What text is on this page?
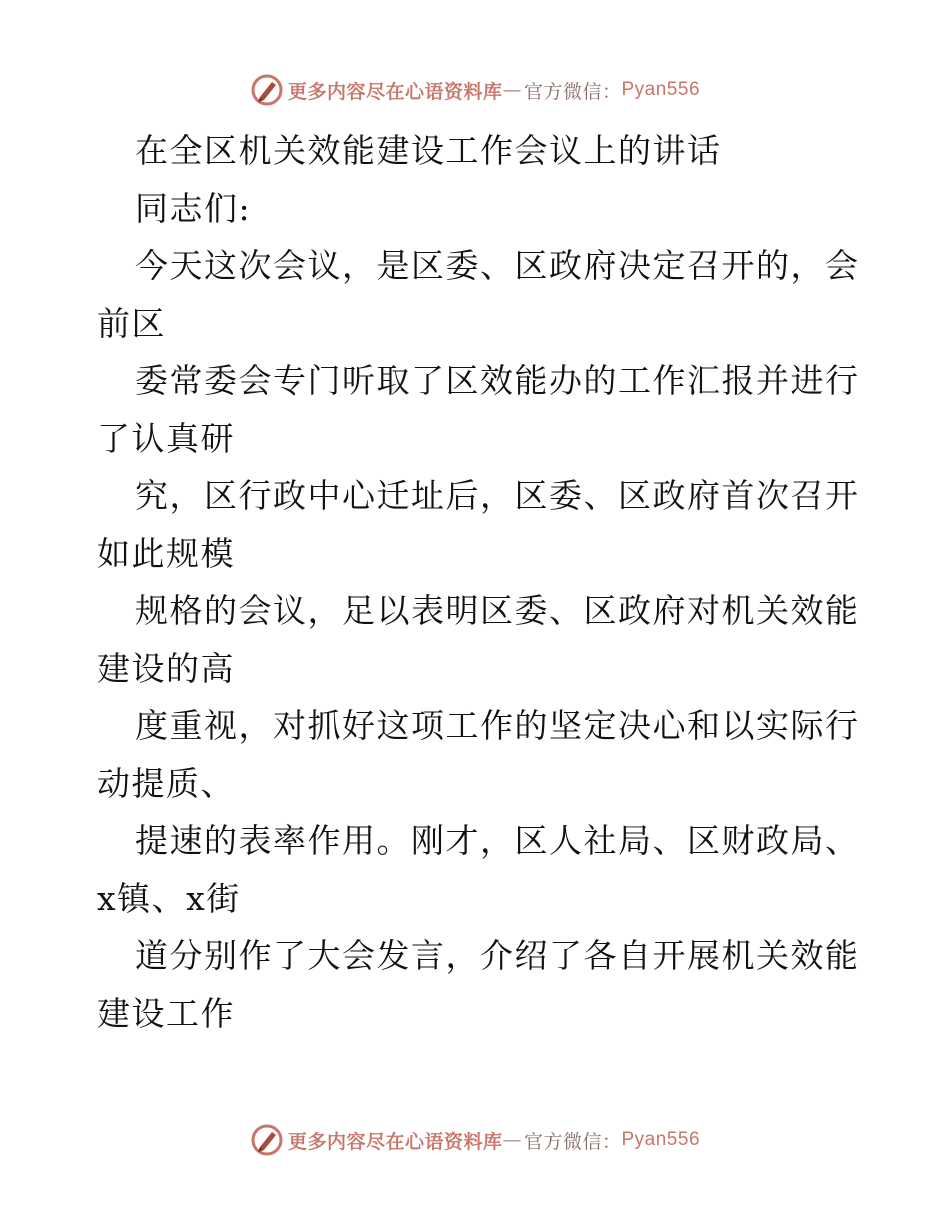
更多内容尽在心语资料库 — 官方微信： Pyan556
在全区机关效能建设工作会议上的讲话
同志们:
今天这次会议，是区委、区政府决定召开的，会
前区
委常委会专门听取了区效能办的工作汇报并进行
了认真研
究，区行政中心迁址后，区委、区政府首次召开
如此规模
规格的会议，足以表明区委、区政府对机关效能
建设的高
度重视，对抓好这项工作的坚定决心和以实际行
动提质、
提速的表率作用。刚才，区人社局、区财政局、
x镇、x街
道分别作了大会发言，介绍了各自开展机关效能
建设工作
更多内容尽在心语资料库 — 官方微信： Pyan556
